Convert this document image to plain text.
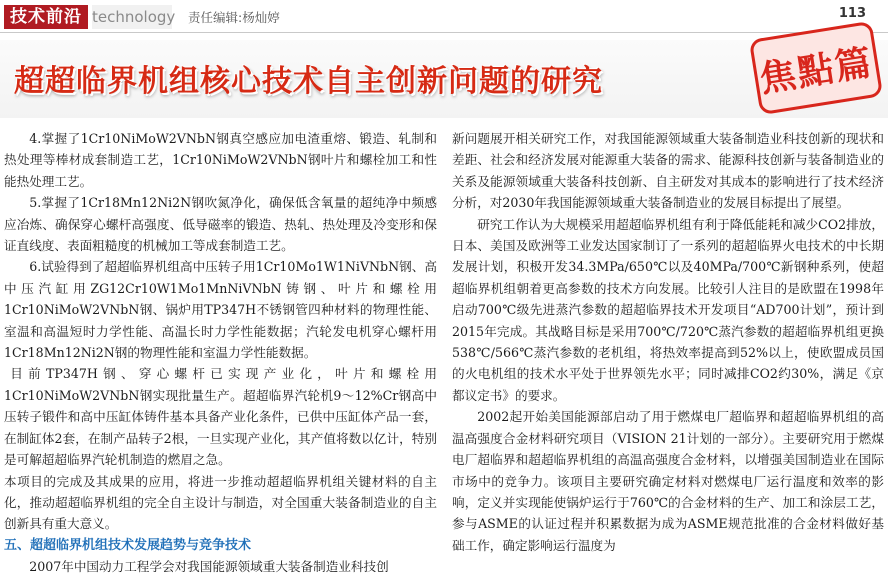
技术前沿 technology 责任编辑:杨灿婷	113
超超临界机组核心技术自主创新问题的研究	焦點篇

4.掌握了1Cr10NiMoW2VNbN钢真空感应加电渣重熔、锻造、轧制和热处理等棒材成套制造工艺，1Cr10NiMoW2VNbN钢叶片和螺栓加工和性能热处理工艺。

5.掌握了1Cr18Mn12Ni2N钢吹氮净化，确保低含氧量的超纯净中频感应冶炼、确保穿心螺杆高强度、低导磁率的锻造、热轧、热处理及冷变形和保证直线度、表面粗糙度的机械加工等成套制造工艺。

6.试验得到了超超临界机组高中压转子用1Cr10Mo1W1NiVNbN钢、高中压汽缸用ZG12Cr10W1Mo1MnNiVNbN铸钢、叶片和螺栓用1Cr10NiMoW2VNbN钢、锅炉用TP347H不锈钢管四种材料的物理性能、室温和高温短时力学性能、高温长时力学性能数据；汽轮发电机穿心螺杆用1Cr18Mn12Ni2N钢的物理性能和室温力学性能数据。

目前TP347H钢、穿心螺杆已实现产业化，叶片和螺栓用1Cr10NiMoW2VNbN钢实现批量生产。超超临界汽轮机9～12%Cr钢高中压转子锻件和高中压缸体铸件基本具备产业化条件，已供中压缸体产品一套，在制缸体2套，在制产品转子2根，一旦实现产业化，其产值将数以亿计，特别是可解超超临界汽轮机制造的燃眉之急。

本项目的完成及其成果的应用，将进一步推动超超临界机组关键材料的自主化，推动超超临界机组的完全自主设计与制造，对全国重大装备制造业的自主创新具有重大意义。

五、超超临界机组技术发展趋势与竞争技术

2007年中国动力工程学会对我国能源领域重大装备制造业科技创

新问题展开相关研究工作，对我国能源领域重大装备制造业科技创新的现状和差距、社会和经济发展对能源重大装备的需求、能源科技创新与装备制造业的关系及能源领域重大装备科技创新、自主研发对其成本的影响进行了技术经济分析，对2030年我国能源领域重大装备制造业的发展目标提出了展望。

研究工作认为大规模采用超超临界机组有利于降低能耗和减少CO2排放，日本、美国及欧洲等工业发达国家制订了一系列的超超临界火电技术的中长期发展计划，积极开发34.3MPa/650℃以及40MPa/700℃新钢种系列，使超超临界机组朝着更高参数的技术方向发展。比较引人注目的是欧盟在1998年启动700℃级先进蒸汽参数的超超临界技术开发项目“AD700计划”，预计到2015年完成。其战略目标是采用700℃/720℃蒸汽参数的超超临界机组更换538℃/566℃蒸汽参数的老机组，将热效率提高到52%以上，使欧盟成员国的火电机组的技术水平处于世界领先水平；同时减排CO2约30%，满足《京都议定书》的要求。

2002起开始美国能源部启动了用于燃煤电厂超临界和超超临界机组的高温高强度合金材料研究项目（VISION 21计划的一部分）。主要研究用于燃煤电厂超临界和超超临界机组的高温高强度合金材料，以增强美国制造业在国际市场中的竞争力。该项目主要研究确定材料对燃煤电厂运行温度和效率的影响，定义并实现能使锅炉运行于760℃的合金材料的生产、加工和涂层工艺，参与ASME的认证过程并积累数据为成为ASME规范批准的合金材料做好基础工作，确定影响运行温度为
